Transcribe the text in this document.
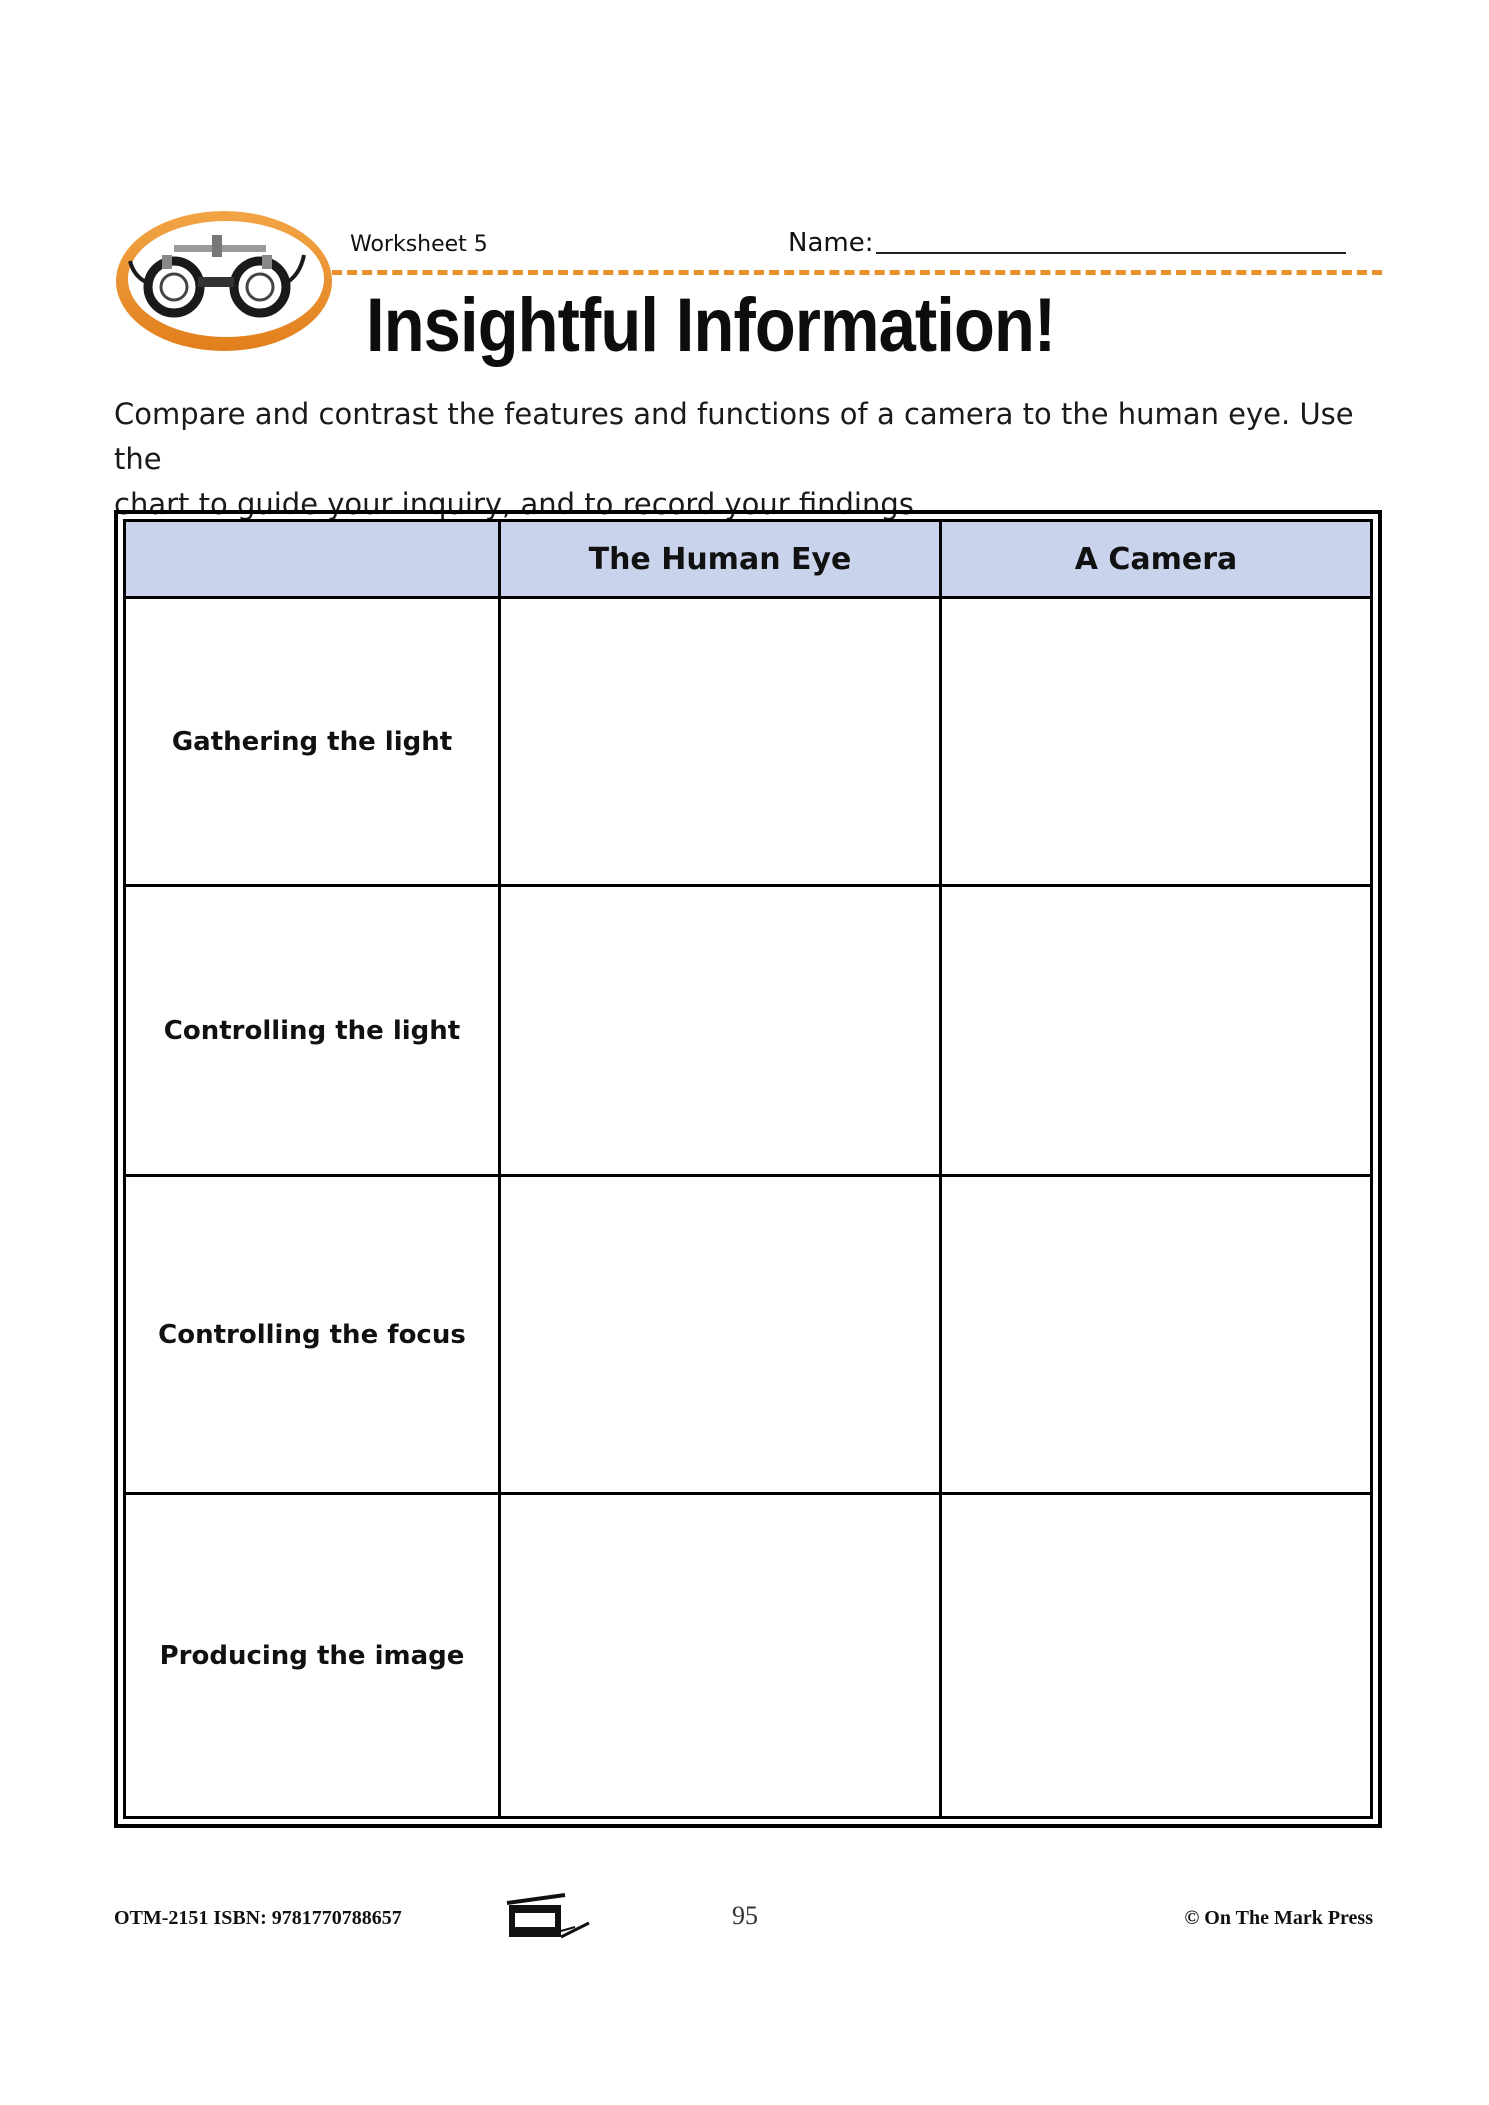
Worksheet 5	Name:
Insightful Information!
Compare and contrast the features and functions of a camera to the human eye. Use the
chart to guide your inquiry, and to record your findings.
	The Human Eye	A Camera
Gathering the light		
Controlling the light		
Controlling the focus		
Producing the image		
OTM-2151 ISBN: 9781770788657	95	© On The Mark Press
